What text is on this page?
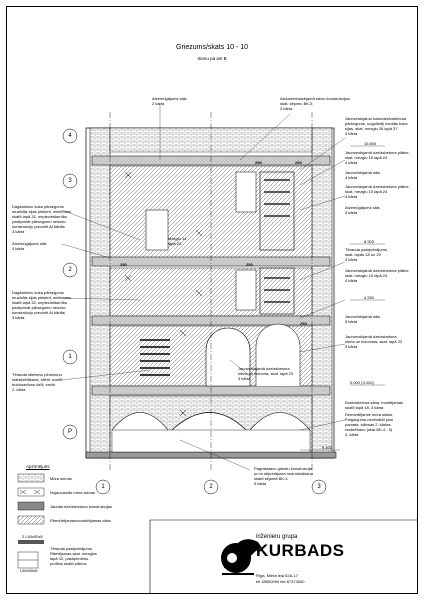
Griezums/skats 10 - 10
Sienu pa asī B
4
3
2
1
P
1	2	3
15.800
8.903
4.250
0.000 (3.420)
0.400
250	250
250	250
250
Atzemūgājums sāls
2 kārta
Aiekombinaizējamā sienu konstrukcijas,
skat. sējumu BK-5
3 kārta
Jaunveidojamo koka/dzelzsbetona
pārsegums, nogultnēji esošās koka
sijas, skat. mezglu 26 lapā 37
4 kārta
Jaunveidojamā dzelzsbetona plātne,
skat. mezglu 15 lapā 24
4 kārta
Jaunveidojamā sāls
4 kārta
Jaunveidojamā dzelzsbetona plātne,
skat. mezglu 15 lapā 24
4 kārta
Atzemūgājums sāls
3 kārta
Dagšablonu koka pārsegums
muzikāļs sijas pieķerit, mietiņumu
skatīt lapā 32, nepiecieštamību
pastiprināt pārsegumu nesošo
konstrukciju precizēt AI kārtās
3 kārta
Atzemūgājums sāls
3 kārta
Dagšablonu koka pārsegums
muzikāļs sijas pieķerit, mietiņumu
skatīt lapā 32, nepiecieštamību
pastiprināt pārsegumu nesošo
konstrukciju precizēt AI kārtās
3 kārta
Tērauda pastiprinājums,
skat. lapās 18 un 25
3 kārta
Jaunveidojamā dzelzsbetona plātne,
skat. mezglu 15 lapā 24
4 kārta
Jaunveidojamā sāls
5 kārta
Jaunveidojamā dzelzsbetona
siena un kolonnas, skat. lapā 23
3 kārta
Tērauda stiebenu pēmiņuņu
stabilizētāšana, Mēxīr uzsitīt
buldozerāmu dzīļi, ernāt
2. kārta
Jaunveidojamā dzelzsbetona
siena un kolonna, skat. lapā 23
3 kārta
Dzelzsbetona sāna, montējamas
skatīt lapā 18, 3 kārta
Demontējamie mūra staba,
Palgaujuma nevēnātāi pusi
pamata, stāvsas 2. kārtas
realizēšanu (skat BK-4 - 5)
3. kārta
Pagrabstavu griestu konstrukcija,
un to stiprinājuma nodrošināšana
skatīt sējumā BK-4
5 kārta
Mezglu 14
lapā 24
Apzīmējumi
Mūra sienas
Nojaucamās mūra sienas
Jaunās dzelzsbetona konstrukcijas
Pārmūrējamas/nomūrējamas ailas
2 L50x50x5
L50x50x5
Tērauda pastiprinājums,
Rāmējamas skat. mezglus
lapā 32, pastiprināms
profilus skatīt plānos.
inženieru grupa
KURBADS
Rīga, Miera iela 52A-17
tel 28600090 fax 67374040
